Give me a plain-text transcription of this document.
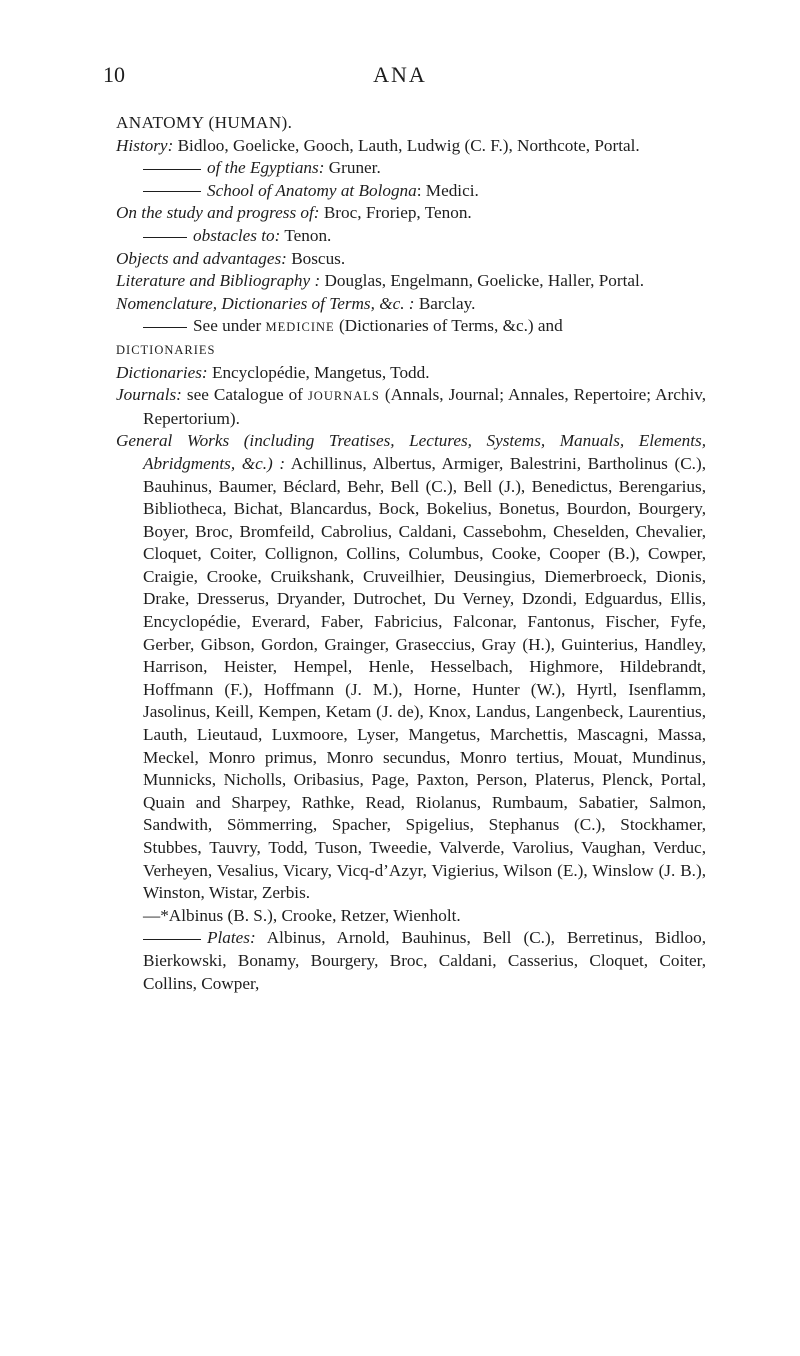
10	ANA

ANATOMY (HUMAN).

History: Bidloo, Goelicke, Gooch, Lauth, Ludwig (C. F.), Northcote, Portal.

of the Egyptians: Gruner.

School of Anatomy at Bologna: Medici.

On the study and progress of: Broc, Froriep, Tenon.

obstacles to: Tenon.

Objects and advantages: Boscus.

Literature and Bibliography : Douglas, Engelmann, Goelicke, Haller, Portal.

Nomenclature, Dictionaries of Terms, &c. : Barclay.

See under MEDICINE (Dictionaries of Terms, &c.) and
DICTIONARIES

Dictionaries: Encyclopédie, Mangetus, Todd.

Journals: see Catalogue of JOURNALS (Annals, Journal; Annales, Repertoire; Archiv, Repertorium).

General Works (including Treatises, Lectures, Systems, Manuals, Elements, Abridgments, &c.) : Achillinus, Albertus, Armiger, Balestrini, Bartholinus (C.), Bauhinus, Baumer, Béclard, Behr, Bell (C.), Bell (J.), Benedictus, Berengarius, Bibliotheca, Bichat, Blancardus, Bock, Bokelius, Bonetus, Bourdon, Bourgery, Boyer, Broc, Bromfeild, Cabrolius, Caldani, Cassebohm, Cheselden, Chevalier, Cloquet, Coiter, Collignon, Collins, Columbus, Cooke, Cooper (B.), Cowper, Craigie, Crooke, Cruikshank, Cruveilhier, Deusingius, Diemerbroeck, Dionis, Drake, Dresserus, Dryander, Dutrochet, Du Verney, Dzondi, Edguardus, Ellis, Encyclopédie, Everard, Faber, Fabricius, Falconar, Fantonus, Fischer, Fyfe, Gerber, Gibson, Gordon, Grainger, Graseccius, Gray (H.), Guinterius, Handley, Harrison, Heister, Hempel, Henle, Hesselbach, Highmore, Hildebrandt, Hoffmann (F.), Hoffmann (J. M.), Horne, Hunter (W.), Hyrtl, Isenflamm, Jasolinus, Keill, Kempen, Ketam (J. de), Knox, Landus, Langenbeck, Laurentius, Lauth, Lieutaud, Luxmoore, Lyser, Mangetus, Marchettis, Mascagni, Massa, Meckel, Monro primus, Monro secundus, Monro tertius, Mouat, Mundinus, Munnicks, Nicholls, Oribasius, Page, Paxton, Person, Platerus, Plenck, Portal, Quain and Sharpey, Rathke, Read, Riolanus, Rumbaum, Sabatier, Salmon, Sandwith, Sömmerring, Spacher, Spigelius, Stephanus (C.), Stockhamer, Stubbes, Tauvry, Todd, Tuson, Tweedie, Valverde, Varolius, Vaughan, Verduc, Verheyen, Vesalius, Vicary, Vicq-d’Azyr, Vigierius, Wilson (E.), Winslow (J. B.), Winston, Wistar, Zerbis.

—*Albinus (B. S.), Crooke, Retzer, Wienholt.

Plates: Albinus, Arnold, Bauhinus, Bell (C.), Berretinus, Bidloo, Bierkowski, Bonamy, Bourgery, Broc, Caldani, Casserius, Cloquet, Coiter, Collins, Cowper,
